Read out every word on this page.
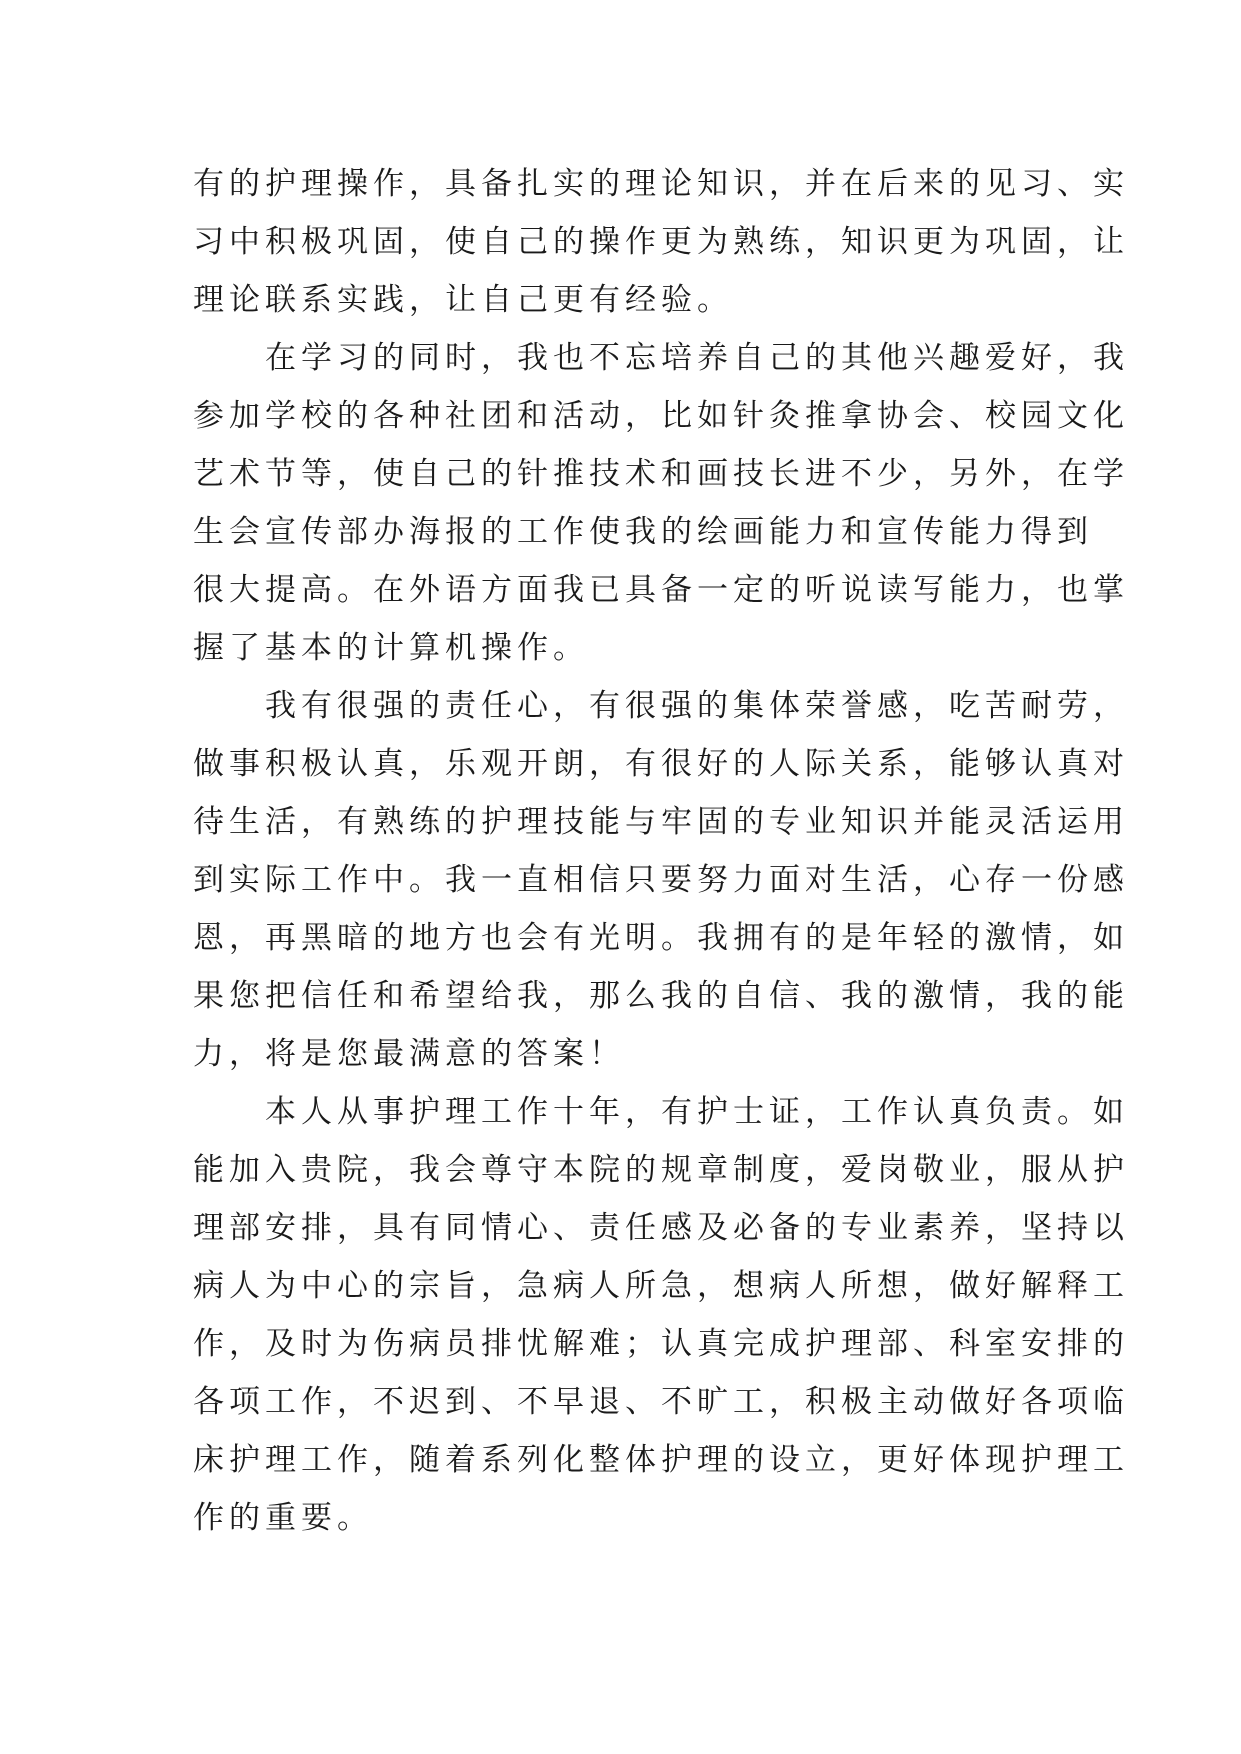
有的护理操作，具备扎实的理论知识，并在后来的见习、实
习中积极巩固，使自己的操作更为熟练，知识更为巩固，让
理论联系实践，让自己更有经验。
在学习的同时，我也不忘培养自己的其他兴趣爱好，我
参加学校的各种社团和活动，比如针灸推拿协会、校园文化
艺术节等，使自己的针推技术和画技长进不少，另外，在学
生会宣传部办海报的工作使我的绘画能力和宣传能力得到
很大提高。在外语方面我已具备一定的听说读写能力，也掌
握了基本的计算机操作。
我有很强的责任心，有很强的集体荣誉感，吃苦耐劳，
做事积极认真，乐观开朗，有很好的人际关系，能够认真对
待生活，有熟练的护理技能与牢固的专业知识并能灵活运用
到实际工作中。我一直相信只要努力面对生活，心存一份感
恩，再黑暗的地方也会有光明。我拥有的是年轻的激情，如
果您把信任和希望给我，那么我的自信、我的激情，我的能
力，将是您最满意的答案！
本人从事护理工作十年，有护士证，工作认真负责。如
能加入贵院，我会尊守本院的规章制度，爱岗敬业，服从护
理部安排，具有同情心、责任感及必备的专业素养，坚持以
病人为中心的宗旨，急病人所急，想病人所想，做好解释工
作，及时为伤病员排忧解难；认真完成护理部、科室安排的
各项工作，不迟到、不早退、不旷工，积极主动做好各项临
床护理工作，随着系列化整体护理的设立，更好体现护理工
作的重要。
